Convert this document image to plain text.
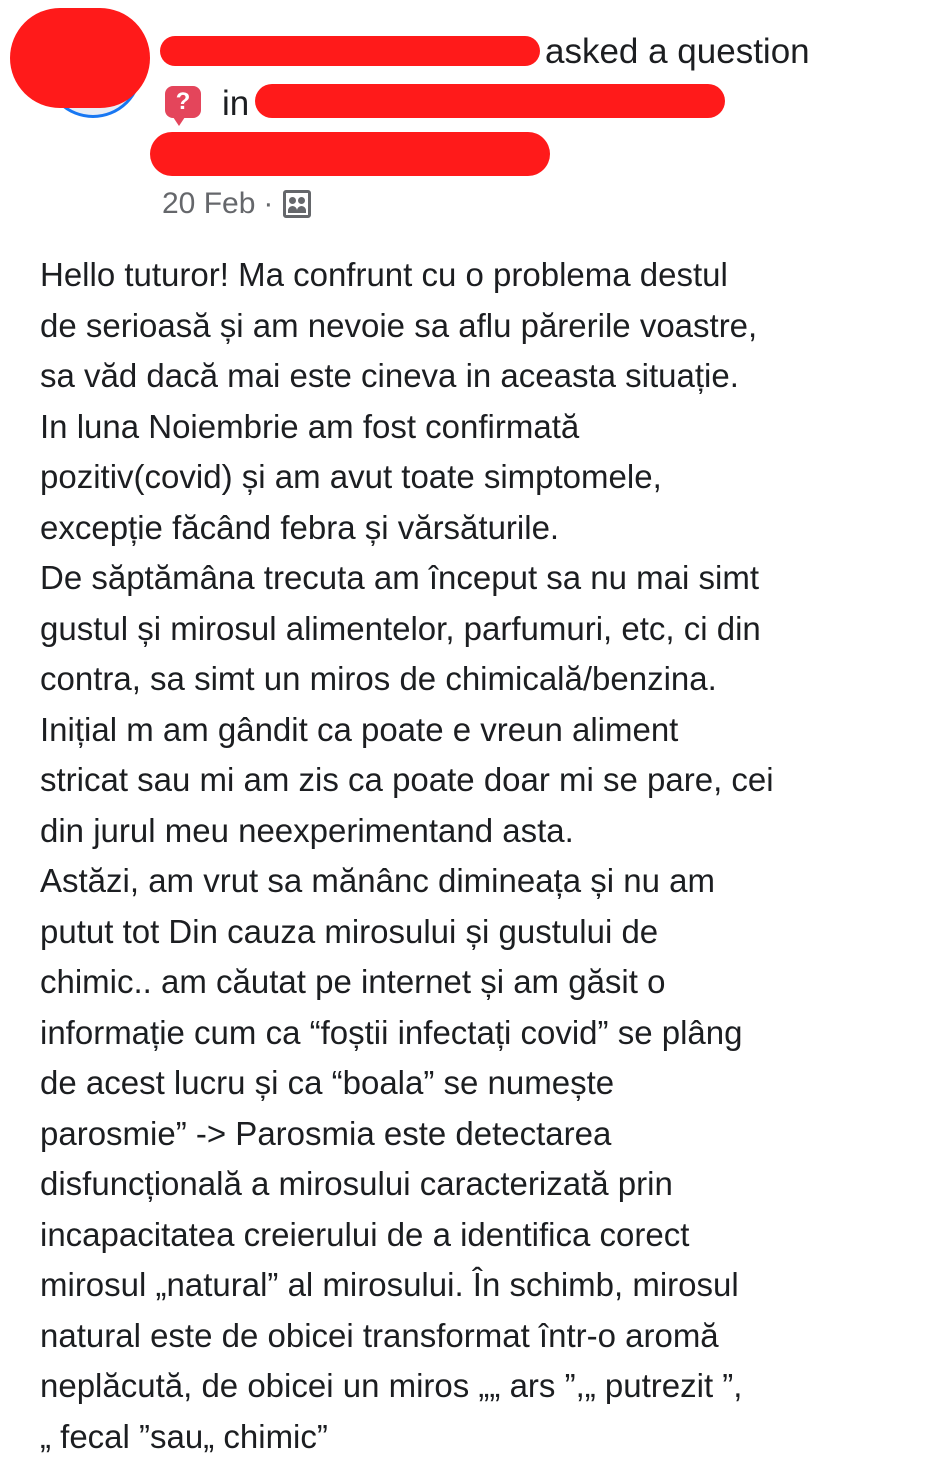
asked a question
? in
20 Feb ·
Hello tuturor! Ma confrunt cu o problema destul
de serioasă și am nevoie sa aflu părerile voastre,
sa văd dacă mai este cineva in aceasta situație.
In luna Noiembrie am fost confirmată
pozitiv(covid) și am avut toate simptomele,
excepție făcând febra și vărsăturile.
De săptămâna trecuta am început sa nu mai simt
gustul și mirosul alimentelor, parfumuri, etc, ci din
contra, sa simt un miros de chimicală/benzina.
Inițial m am gândit ca poate e vreun aliment
stricat sau mi am zis ca poate doar mi se pare, cei
din jurul meu neexperimentand asta.
Astăzi, am vrut sa mănânc dimineața și nu am
putut tot Din cauza mirosului și gustului de
chimic.. am căutat pe internet și am găsit o
informație cum ca “foștii infectați covid” se plâng
de acest lucru și ca “boala” se numește
parosmie” -> Parosmia este detectarea
disfuncțională a mirosului caracterizată prin
incapacitatea creierului de a identifica corect
mirosul „natural” al mirosului. În schimb, mirosul
natural este de obicei transformat într-o aromă
neplăcută, de obicei un miros „„ ars ”,„ putrezit ”,
„ fecal ”sau„ chimic”
